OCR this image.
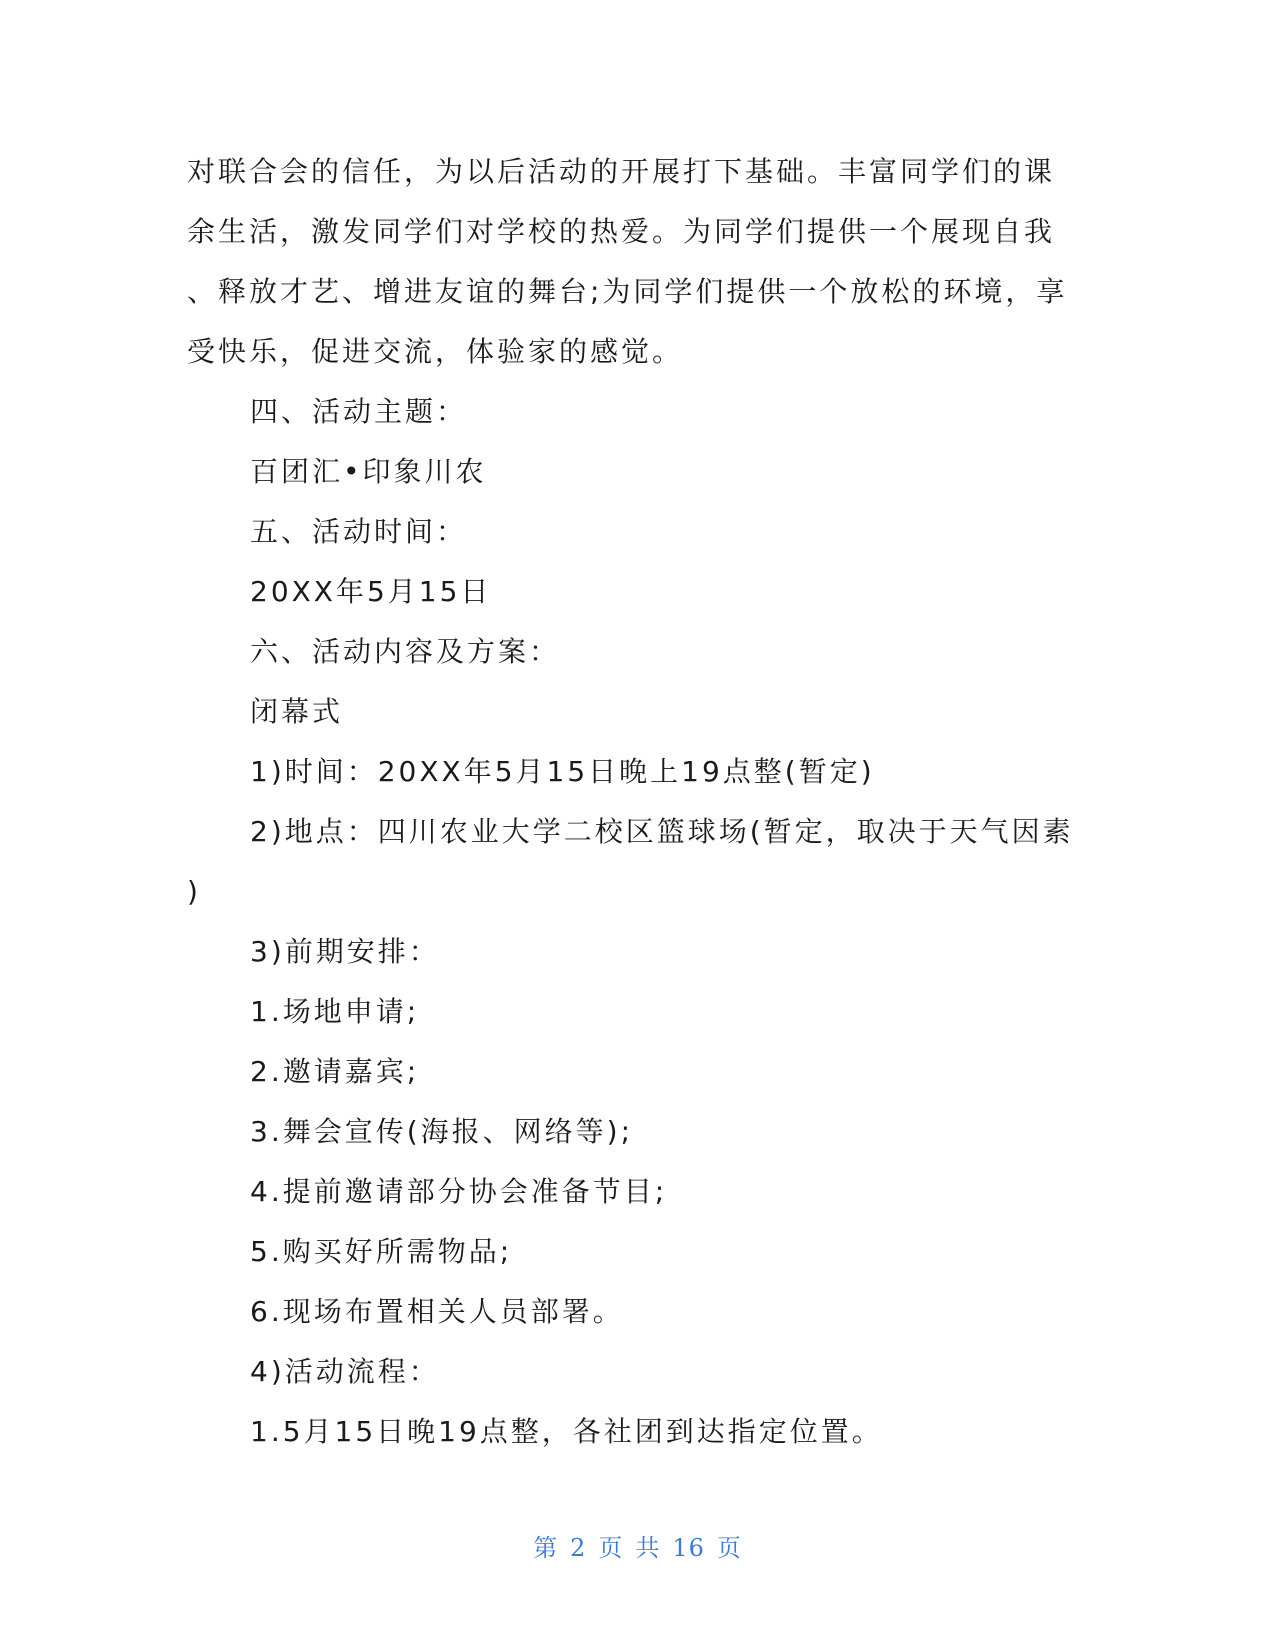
对联合会的信任，为以后活动的开展打下基础。丰富同学们的课
余生活，激发同学们对学校的热爱。为同学们提供一个展现自我
、释放才艺、增进友谊的舞台;为同学们提供一个放松的环境，享
受快乐，促进交流，体验家的感觉。
四、活动主题：
百团汇•印象川农
五、活动时间：
20XX年5月15日
六、活动内容及方案：
闭幕式
1)时间：20XX年5月15日晚上19点整(暂定)
2)地点：四川农业大学二校区篮球场(暂定，取决于天气因素
)
3)前期安排：
1.场地申请;
2.邀请嘉宾;
3.舞会宣传(海报、网络等);
4.提前邀请部分协会准备节目;
5.购买好所需物品;
6.现场布置相关人员部署。
4)活动流程：
1.5月15日晚19点整，各社团到达指定位置。
第 2 页 共 16 页
